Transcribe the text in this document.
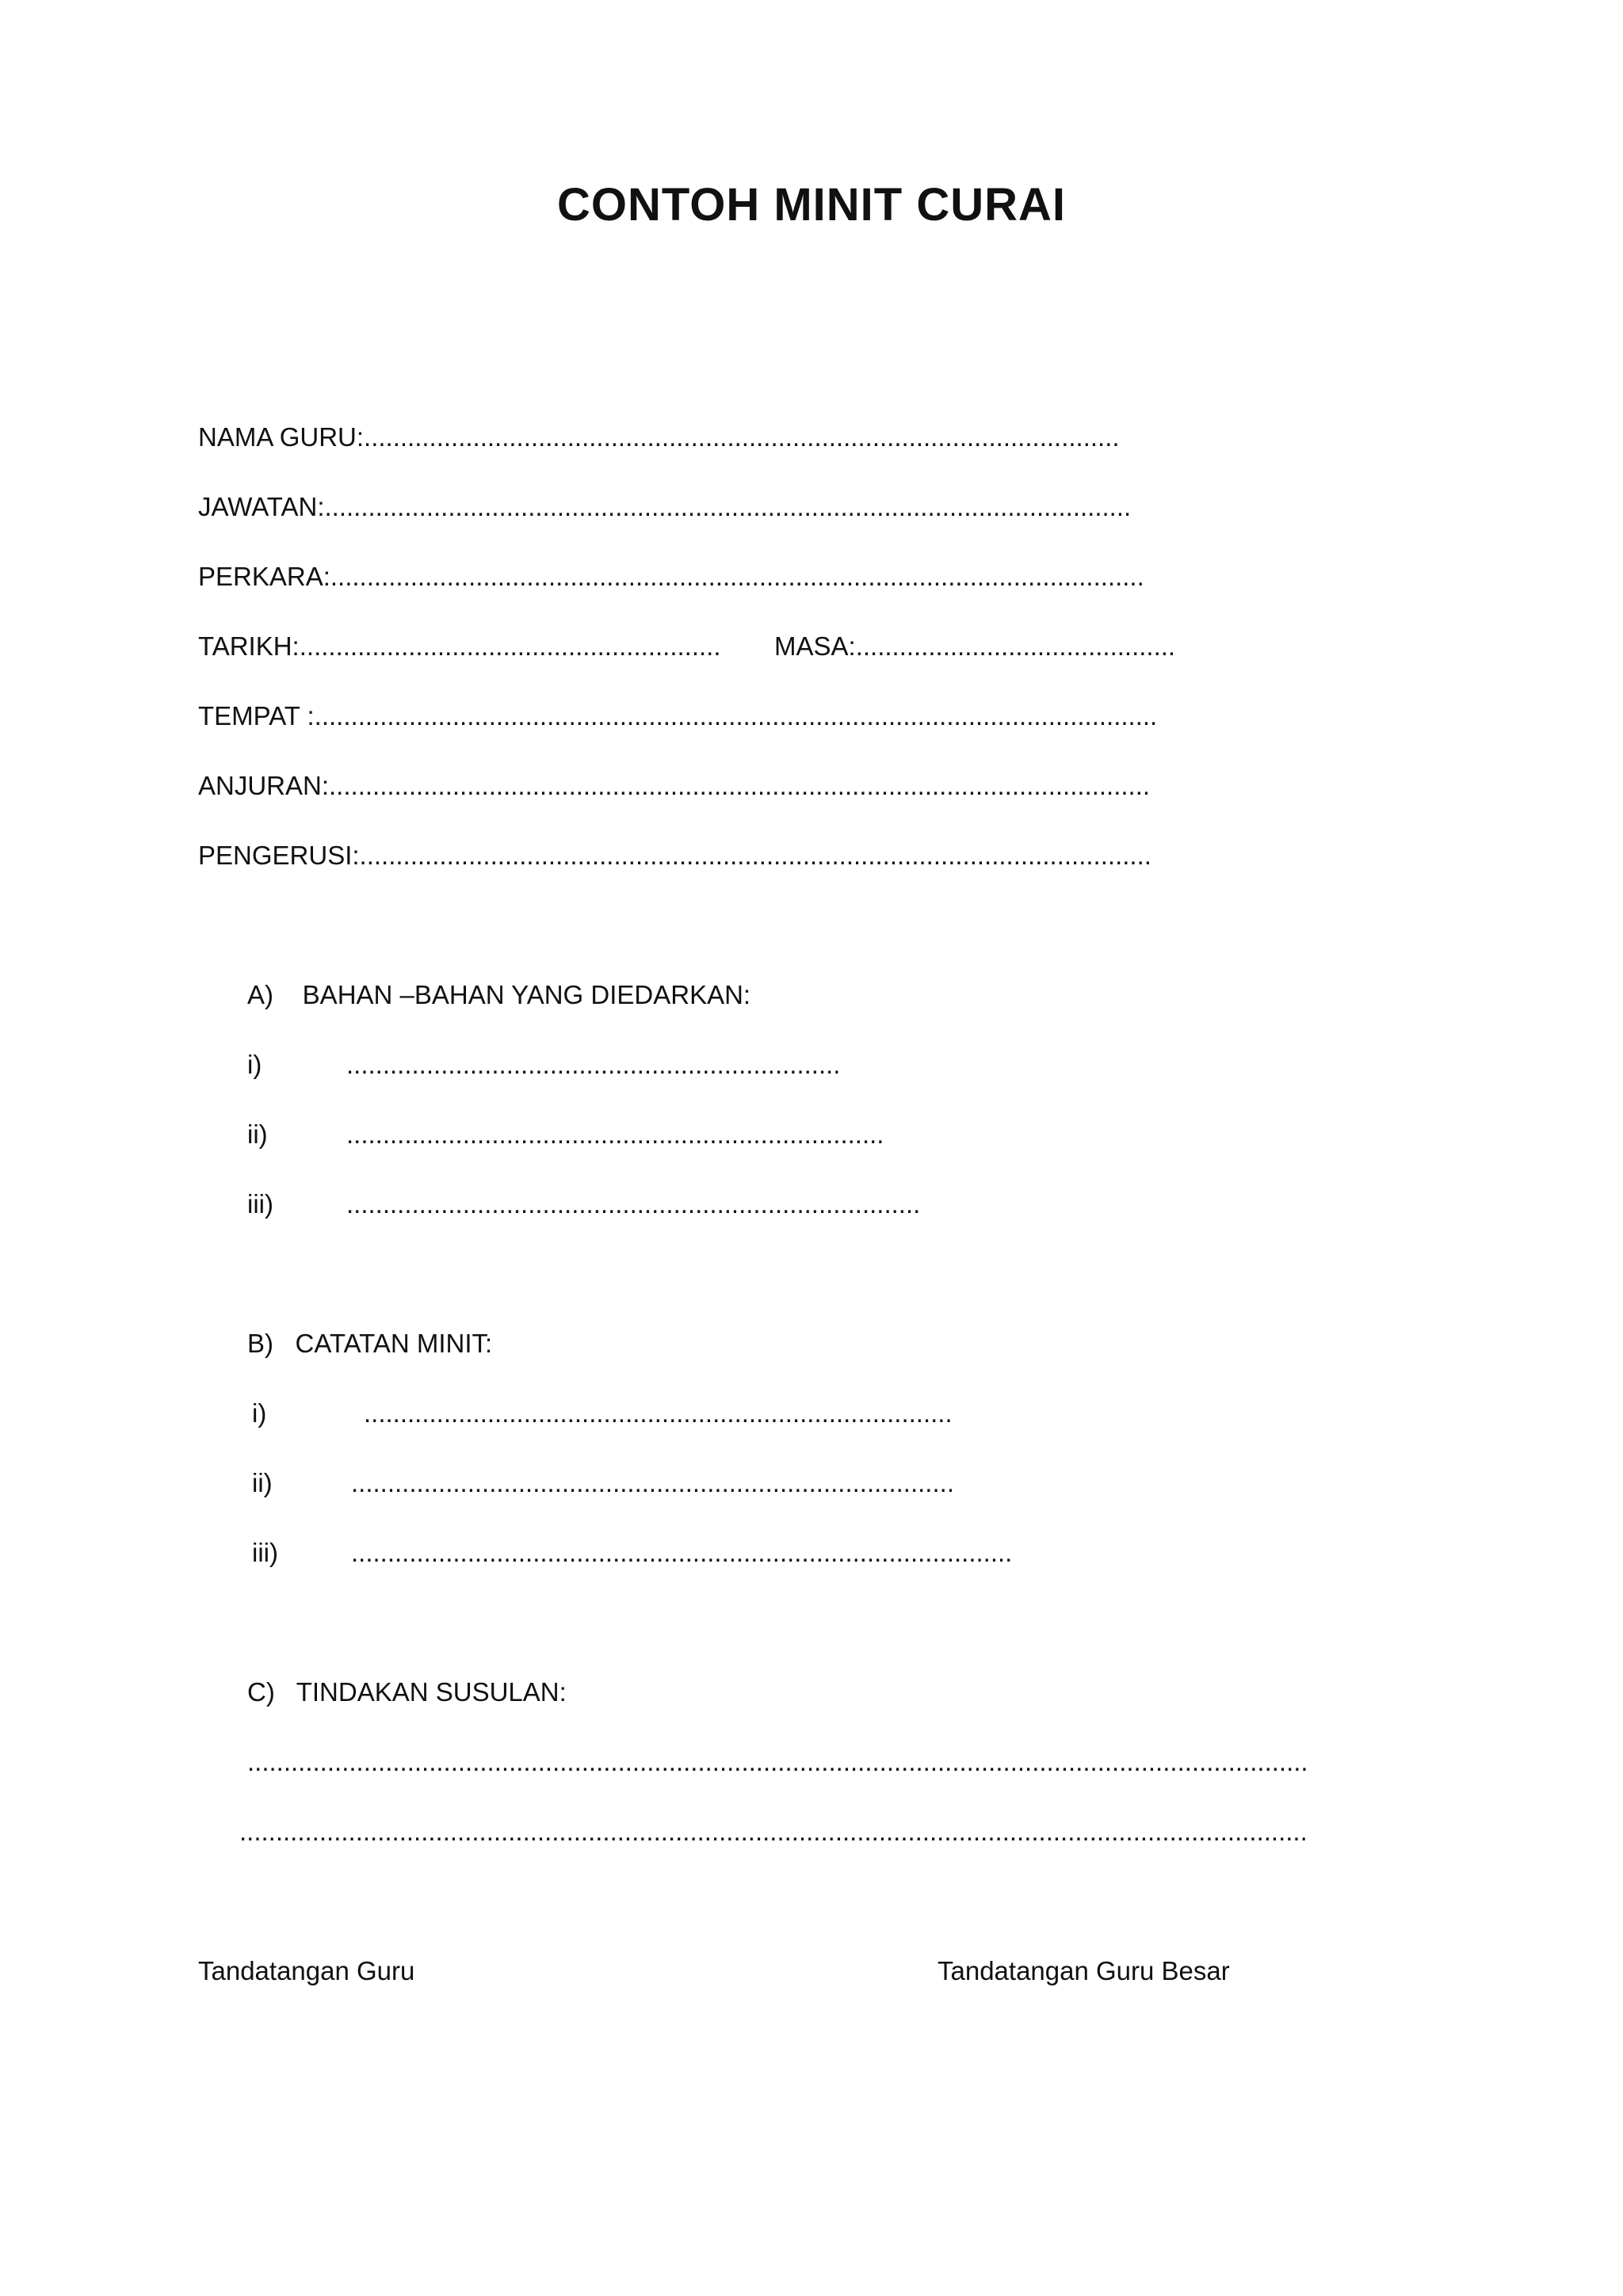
CONTOH MINIT CURAI

NAMA GURU:........................................................................................................

JAWATAN:...............................................................................................................

PERKARA:................................................................................................................

TARIKH:.......................................................... MASA:............................................

TEMPAT :....................................................................................................................

ANJURAN:.................................................................................................................

PENGERUSI:.............................................................................................................

A)    BAHAN –BAHAN YANG DIEDARKAN:

i)	....................................................................

ii)	..........................................................................

iii)	...............................................................................

B)   CATATAN MINIT:

i)	.................................................................................

ii)	...................................................................................

iii)	...........................................................................................

C)   TINDAKAN SUSULAN:

..................................................................................................................................................

...................................................................................................................................................

Tandatangan Guru	Tandatangan Guru Besar
